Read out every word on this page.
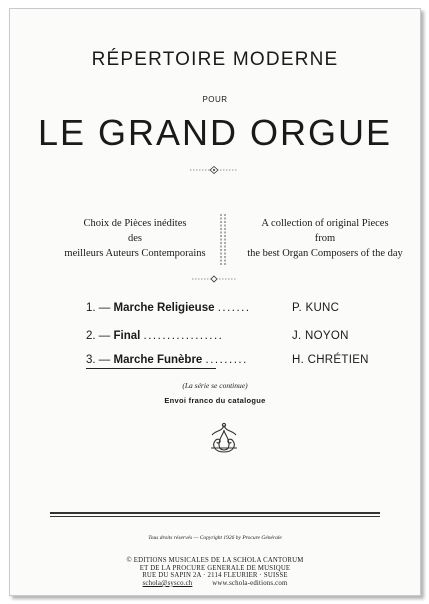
RÉPERTOIRE MODERNE
POUR
LE GRAND ORGUE
Choix de Pièces inédites
des
meilleurs Auteurs Contemporains
A collection of original Pieces
from
the best Organ Composers of the day
1. — Marche Religieuse .......	P. KUNC
2. — Final .................	J. NOYON
3. — Marche Funèbre .........	H. CHRÉTIEN
(La série se continue)
Envoi franco du catalogue
Tous droits réservés — Copyright 1926 by Procure Générale
© EDITIONS MUSICALES DE LA SCHOLA CANTORUM
ET DE LA PROCURE GENERALE DE MUSIQUE
RUE DU SAPIN 2A · 2114 FLEURIER · SUISSE
schola@sysco.ch	www.schola-editions.com
